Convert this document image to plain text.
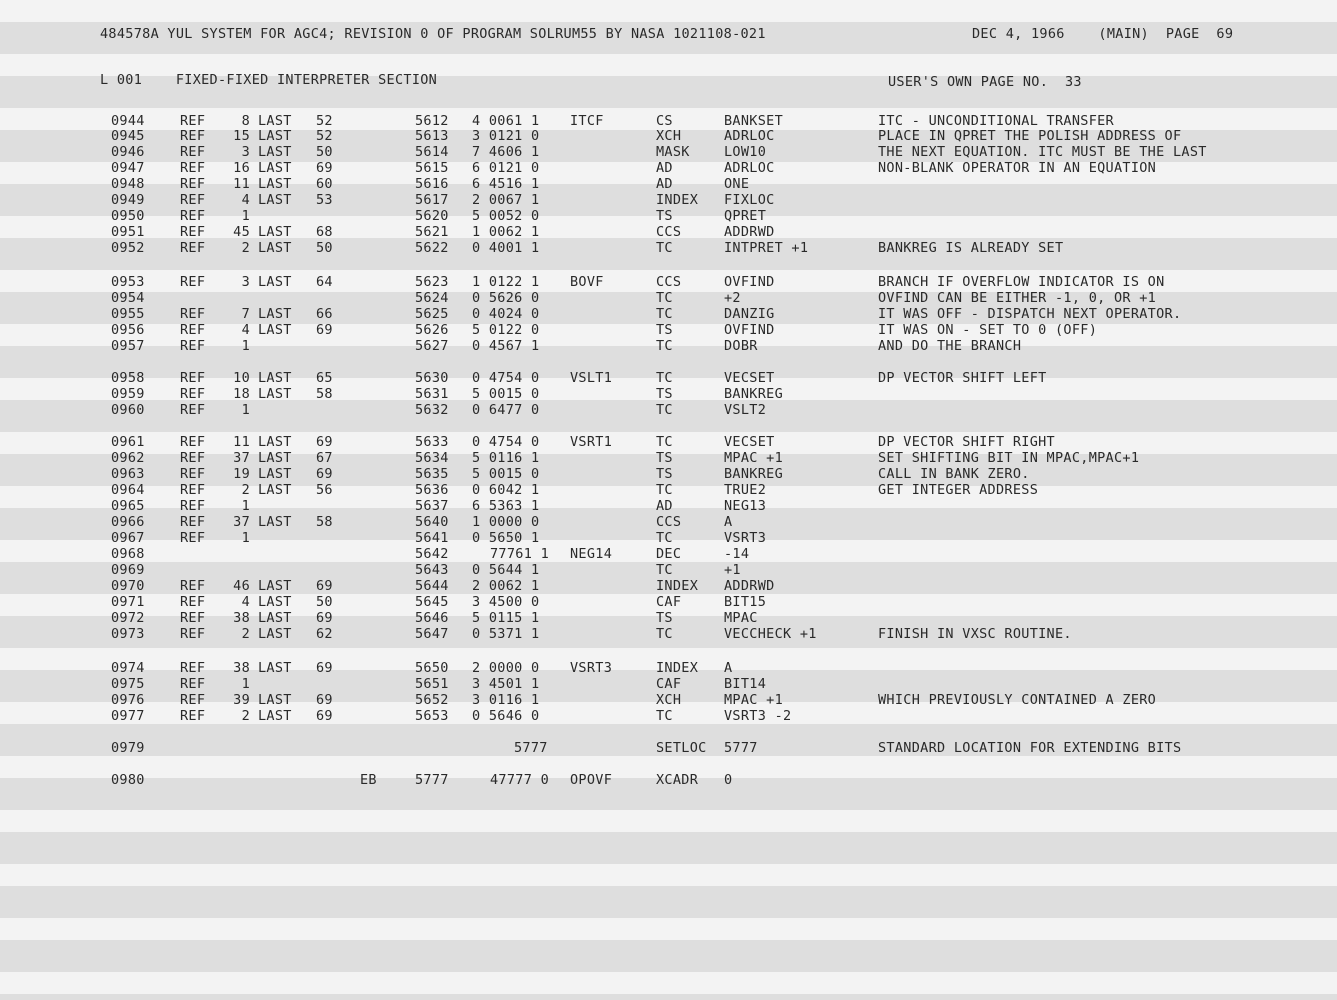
484578A YUL SYSTEM FOR AGC4; REVISION 0 OF PROGRAM SOLRUM55 BY NASA 1021108-021	DEC 4, 1966    (MAIN)  PAGE  69
L 001    FIXED-FIXED INTERPRETER SECTION	USER'S OWN PAGE NO.  33
0944	REF	8 LAST 52	5612 4 0061 1 ITCF	CS	BANKSET	ITC - UNCONDITIONAL TRANSFER
0945	REF	15 LAST 52	5613 3 0121 0	XCH	ADRLOC	PLACE IN QPRET THE POLISH ADDRESS OF
0946	REF	3 LAST 50	5614 7 4606 1	MASK	LOW10	THE NEXT EQUATION. ITC MUST BE THE LAST
0947	REF	16 LAST 69	5615 6 0121 0	AD	ADRLOC	NON-BLANK OPERATOR IN AN EQUATION
0948	REF	11 LAST 60	5616 6 4516 1	AD	ONE
0949	REF	4 LAST 53	5617 2 0067 1	INDEX FIXLOC
0950	REF	1	5620 5 0052 0	TS	QPRET
0951	REF	45 LAST 68	5621 1 0062 1	CCS	ADDRWD
0952	REF	2 LAST 50	5622 0 4001 1	TC	INTPRET +1	BANKREG IS ALREADY SET
0953	REF	3 LAST 64	5623 1 0122 1 BOVF	CCS	OVFIND	BRANCH IF OVERFLOW INDICATOR IS ON
0954	5624 0 5626 0	TC	+2	OVFIND CAN BE EITHER -1, 0, OR +1
0955	REF	7 LAST 66	5625 0 4024 0	TC	DANZIG	IT WAS OFF - DISPATCH NEXT OPERATOR.
0956	REF	4 LAST 69	5626 5 0122 0	TS	OVFIND	IT WAS ON - SET TO 0 (OFF)
0957	REF	1	5627 0 4567 1	TC	DOBR	AND DO THE BRANCH
0958	REF	10 LAST 65	5630 0 4754 0 VSLT1	TC	VECSET	DP VECTOR SHIFT LEFT
0959	REF	18 LAST 58	5631 5 0015 0	TS	BANKREG
0960	REF	1	5632 0 6477 0	TC	VSLT2
0961	REF	11 LAST 69	5633 0 4754 0 VSRT1	TC	VECSET	DP VECTOR SHIFT RIGHT
0962	REF	37 LAST 67	5634 5 0116 1	TS	MPAC +1	SET SHIFTING BIT IN MPAC,MPAC+1
0963	REF	19 LAST 69	5635 5 0015 0	TS	BANKREG	CALL IN BANK ZERO.
0964	REF	2 LAST 56	5636 0 6042 1	TC	TRUE2	GET INTEGER ADDRESS
0965	REF	1	5637 6 5363 1	AD	NEG13
0966	REF	37 LAST 58	5640 1 0000 0	CCS	A
0967	REF	1	5641 0 5650 1	TC	VSRT3
0968	5642	77761 1 NEG14	DEC	-14
0969	5643 0 5644 1	TC	+1
0970	REF	46 LAST 69	5644 2 0062 1	INDEX ADDRWD
0971	REF	4 LAST 50	5645 3 4500 0	CAF	BIT15
0972	REF	38 LAST 69	5646 5 0115 1	TS	MPAC
0973	REF	2 LAST 62	5647 0 5371 1	TC	VECCHECK +1	FINISH IN VXSC ROUTINE.
0974	REF	38 LAST 69	5650 2 0000 0 VSRT3	INDEX A
0975	REF	1	5651 3 4501 1	CAF	BIT14
0976	REF	39 LAST 69	5652 3 0116 1	XCH	MPAC +1	WHICH PREVIOUSLY CONTAINED A ZERO
0977	REF	2 LAST 69	5653 0 5646 0	TC	VSRT3 -2
0979	5777	SETLOC 5777	STANDARD LOCATION FOR EXTENDING BITS
0980	EB	5777	47777 0 OPOVF	XCADR 0
